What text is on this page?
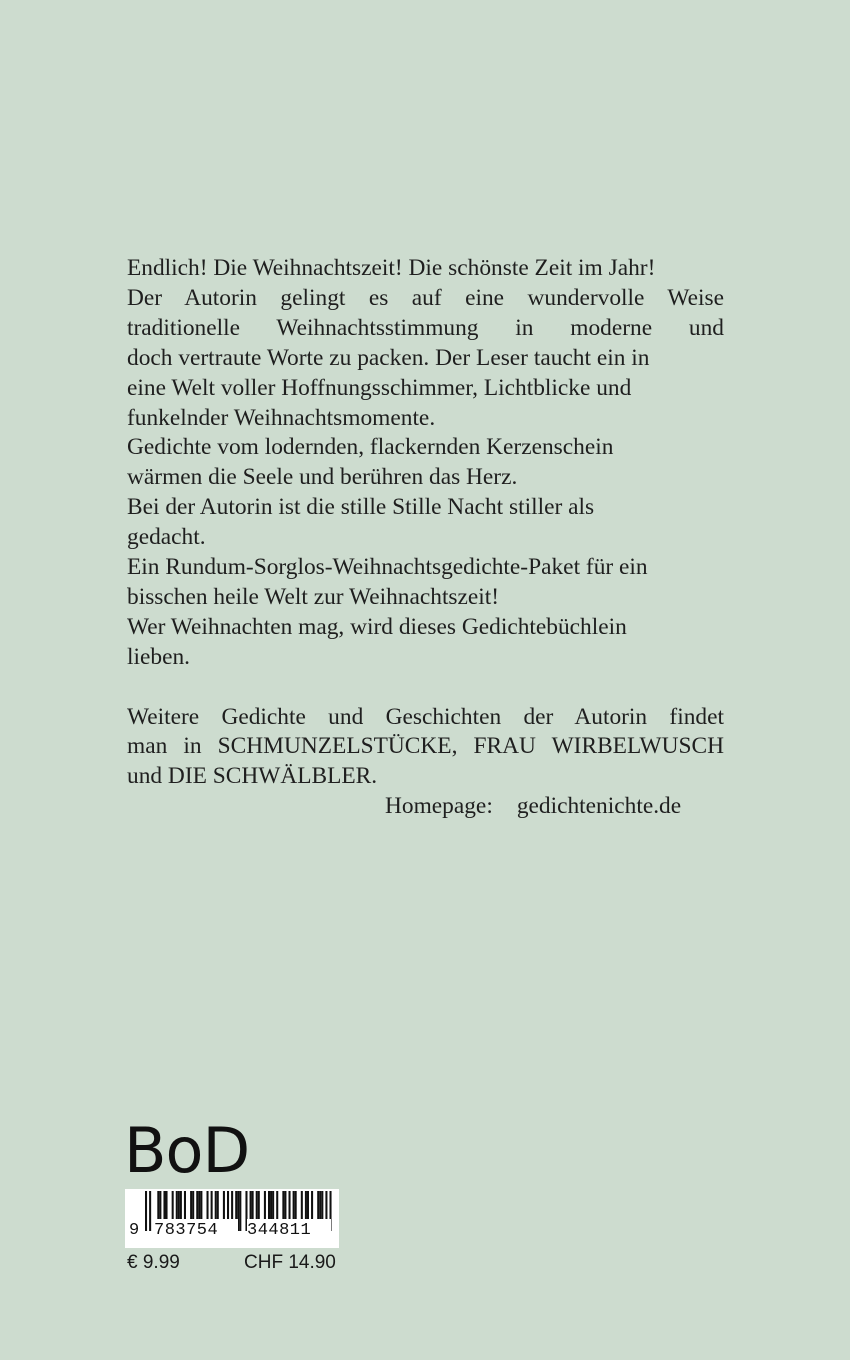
Endlich! Die Weihnachtszeit! Die schönste Zeit im Jahr!
Der Autorin gelingt es auf eine wundervolle Weise
traditionelle Weihnachtsstimmung in moderne und
doch vertraute Worte zu packen. Der Leser taucht ein in
eine Welt voller Hoffnungsschimmer, Lichtblicke und
funkelnder Weihnachtsmomente.
Gedichte vom lodernden, flackernden Kerzenschein
wärmen die Seele und berühren das Herz.
Bei der Autorin ist die stille Stille Nacht stiller als
gedacht.
Ein Rundum-Sorglos-Weihnachtsgedichte-Paket für ein
bisschen heile Welt zur Weihnachtszeit!
Wer Weihnachten mag, wird dieses Gedichtebüchlein
lieben.
Weitere Gedichte und Geschichten der Autorin findet
man in SCHMUNZELSTÜCKE, FRAU WIRBELWUSCH
und DIE SCHWÄLBLER.
Homepage: gedichtenichte.de
BoD
9 783754	344811
€ 9.99	CHF 14.90
